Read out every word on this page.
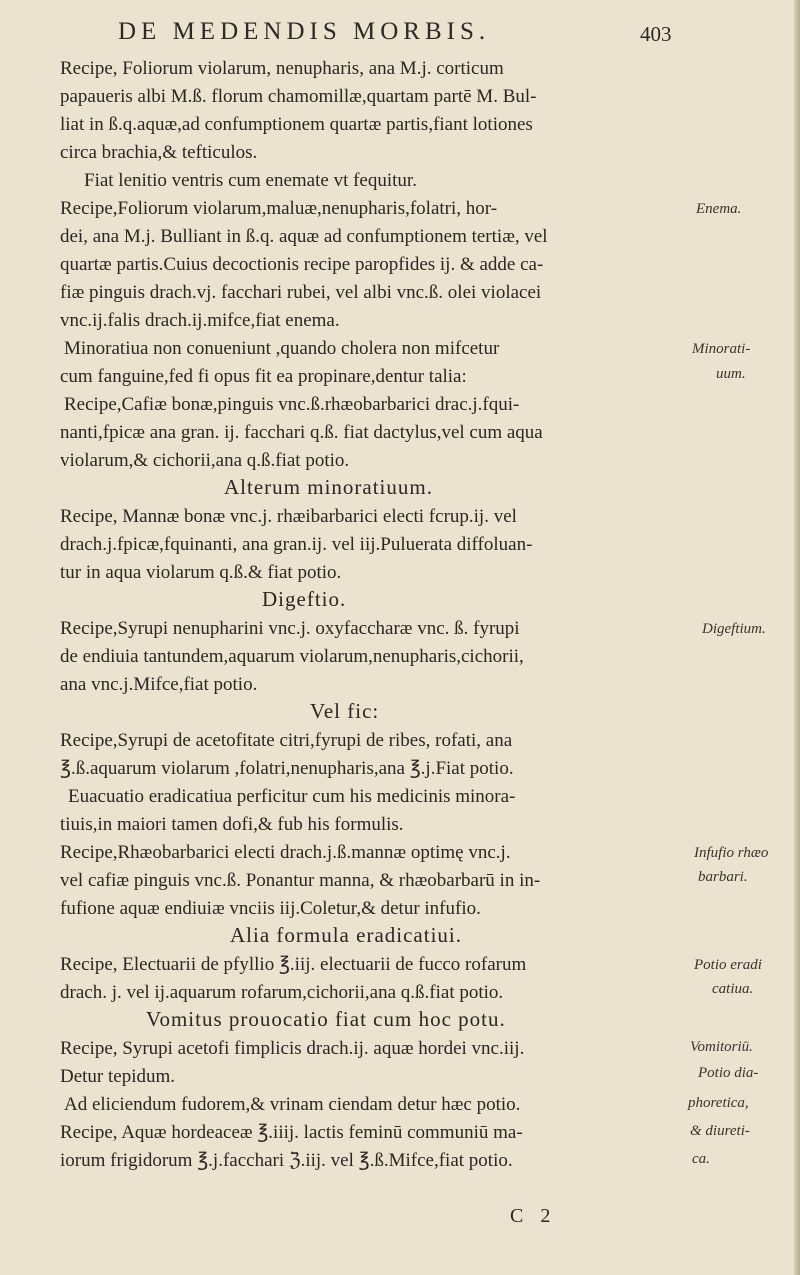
DE MEDENDIS MORBIS.	403
Recipe, Foliorum violarum, nenupharis, ana M.j. corticum
papaueris albi M.ß. florum chamomillæ,quartam partē M. Bul-
liat in ß.q.aquæ,ad confumptionem quartæ partis,fiant lotiones
circa brachia,& tefticulos.
Fiat lenitio ventris cum enemate vt fequitur.
Recipe,Foliorum violarum,maluæ,nenupharis,folatri, hor-
dei, ana M.j. Bulliant in ß.q. aquæ ad confumptionem tertiæ, vel
quartæ partis.Cuius decoctionis recipe paropfides ij. & adde ca-
fiæ pinguis drach.vj. facchari rubei, vel albi vnc.ß. olei violacei
vnc.ij.falis drach.ij.mifce,fiat enema.
Minoratiua non conueniunt ,quando cholera non mifcetur
cum fanguine,fed fi opus fit ea propinare,dentur talia:
Recipe,Cafiæ bonæ,pinguis vnc.ß.rhæobarbarici drac.j.fqui-
nanti,fpicæ ana gran. ij. facchari q.ß. fiat dactylus,vel cum aqua
violarum,& cichorii,ana q.ß.fiat potio.
Alterum minoratiuum.
Recipe, Mannæ bonæ vnc.j. rhæibarbarici electi fcrup.ij. vel
drach.j.fpicæ,fquinanti, ana gran.ij. vel iij.Puluerata diffoluan-
tur in aqua violarum q.ß.& fiat potio.
Digeftio.
Recipe,Syrupi nenupharini vnc.j. oxyfaccharæ vnc. ß. fyrupi
de endiuia tantundem,aquarum violarum,nenupharis,cichorii,
ana vnc.j.Mifce,fiat potio.
Vel fic:
Recipe,Syrupi de acetofitate citri,fyrupi de ribes, rofati, ana
℥.ß.aquarum violarum ,folatri,nenupharis,ana ℥.j.Fiat potio.
Euacuatio eradicatiua perficitur cum his medicinis minora-
tiuis,in maiori tamen dofi,& fub his formulis.
Recipe,Rhæobarbarici electi drach.j.ß.mannæ optimę vnc.j.
vel cafiæ pinguis vnc.ß. Ponantur manna, & rhæobarbarū in in-
fufione aquæ endiuiæ vnciis iij.Coletur,& detur infufio.
Alia formula eradicatiui.
Recipe, Electuarii de pfyllio ℥.iij. electuarii de fucco rofarum
drach. j. vel ij.aquarum rofarum,cichorii,ana q.ß.fiat potio.
Vomitus prouocatio fiat cum hoc potu.
Recipe, Syrupi acetofi fimplicis drach.ij. aquæ hordei vnc.iij.
Detur tepidum.
Ad eliciendum fudorem,& vrinam ciendam detur hæc potio.
Recipe, Aquæ hordeaceæ ℥.iiij. lactis feminū communiū ma-
iorum frigidorum ℥.j.facchari ℨ.iij. vel ℥.ß.Mifce,fiat potio.
Enema.
Minorati-
uum.
Digeftium.
Infufio rhæo
barbari.
Potio eradi
catiua.
Vomitoriū.
Potio dia-
phoretica,
& diureti-
ca.
C 2
